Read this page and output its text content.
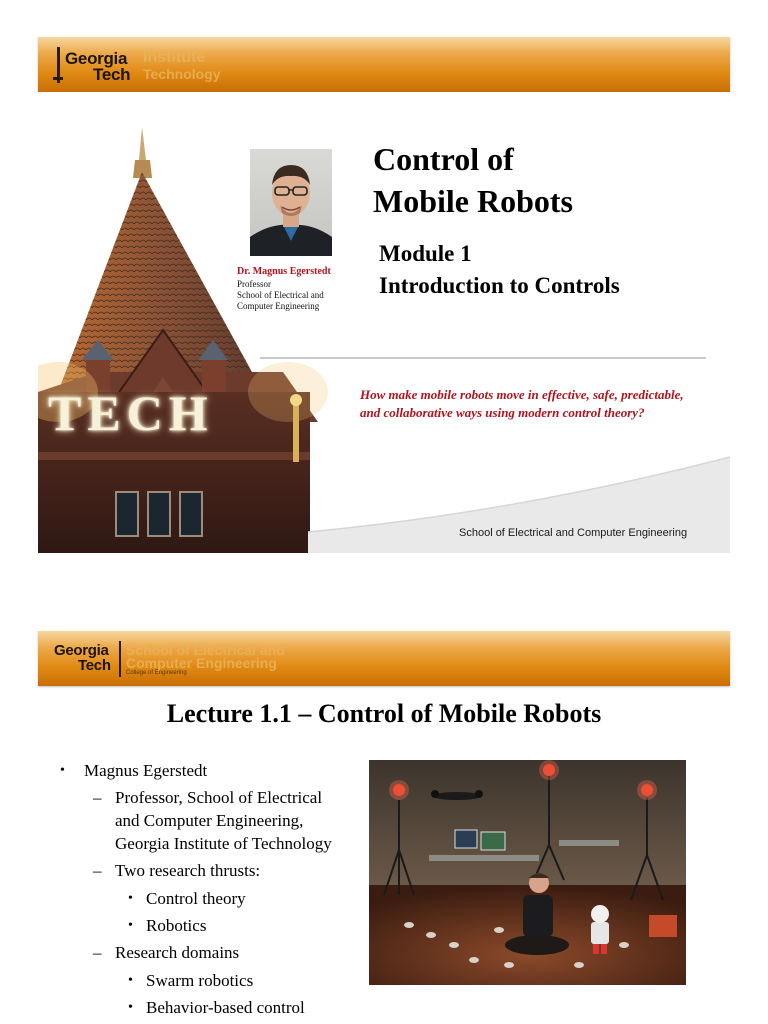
Georgia
Tech
Institute
Technology
TECH
Control of
Mobile Robots
Module 1
Introduction to Controls
Dr. Magnus Egerstedt
Professor
School of Electrical and
Computer Engineering
How make mobile robots move in effective, safe, predictable, and collaborative ways using modern control theory?
School of Electrical and Computer Engineering
Georgia
Tech
School of Electrical and
Computer Engineering
College of Engineering
Lecture 1.1 – Control of Mobile Robots
• Magnus Egerstedt
– Professor, School of Electrical
and Computer Engineering,
Georgia Institute of Technology
– Two research thrusts:
• Control theory
• Robotics
– Research domains
• Swarm robotics
• Behavior-based control
